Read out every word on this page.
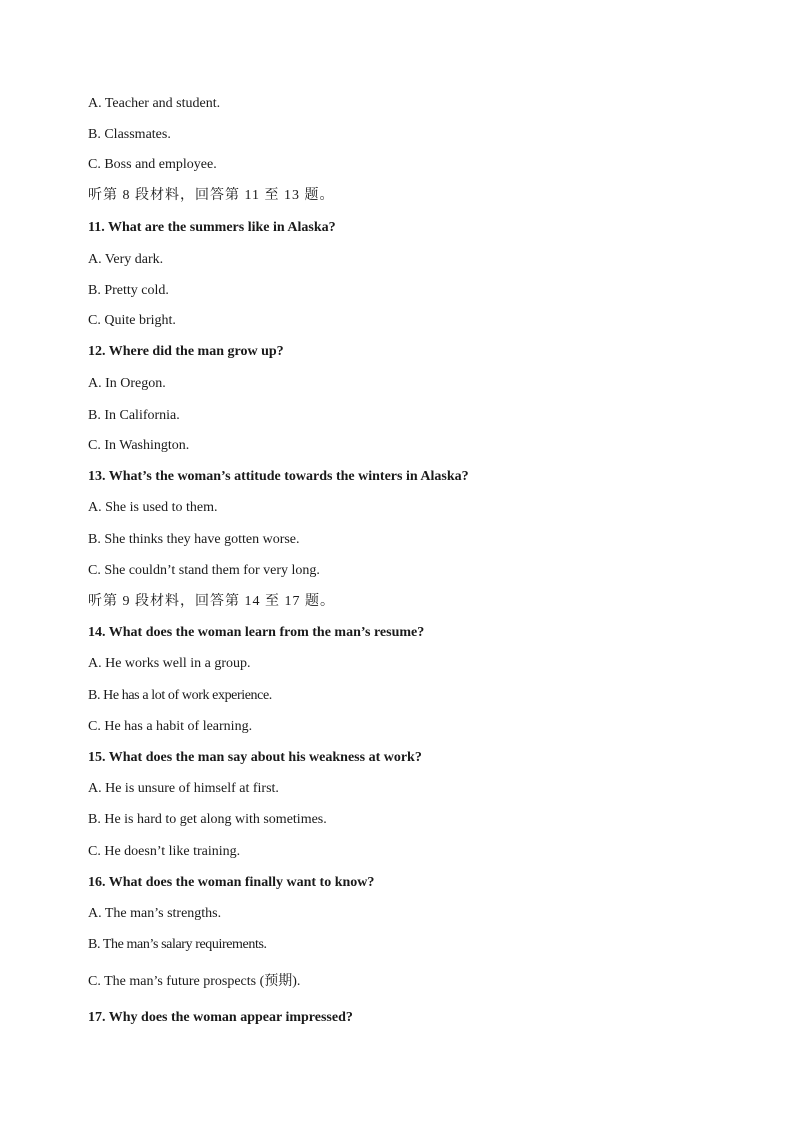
A. Teacher and student.
B. Classmates.
C. Boss and employee.
听第 8 段材料，回答第 11 至 13 题。
11. What are the summers like in Alaska?
A. Very dark.
B. Pretty cold.
C. Quite bright.
12. Where did the man grow up?
A. In Oregon.
B. In California.
C. In Washington.
13. What’s the woman’s attitude towards the winters in Alaska?
A. She is used to them.
B. She thinks they have gotten worse.
C. She couldn’t stand them for very long.
听第 9 段材料，回答第 14 至 17 题。
14. What does the woman learn from the man’s resume?
A. He works well in a group.
B. He has a lot of work experience.
C. He has a habit of learning.
15. What does the man say about his weakness at work?
A. He is unsure of himself at first.
B. He is hard to get along with sometimes.
C. He doesn’t like training.
16. What does the woman finally want to know?
A. The man’s strengths.
B. The man’s salary requirements.
C. The man’s future prospects (预期).
17. Why does the woman appear impressed?
